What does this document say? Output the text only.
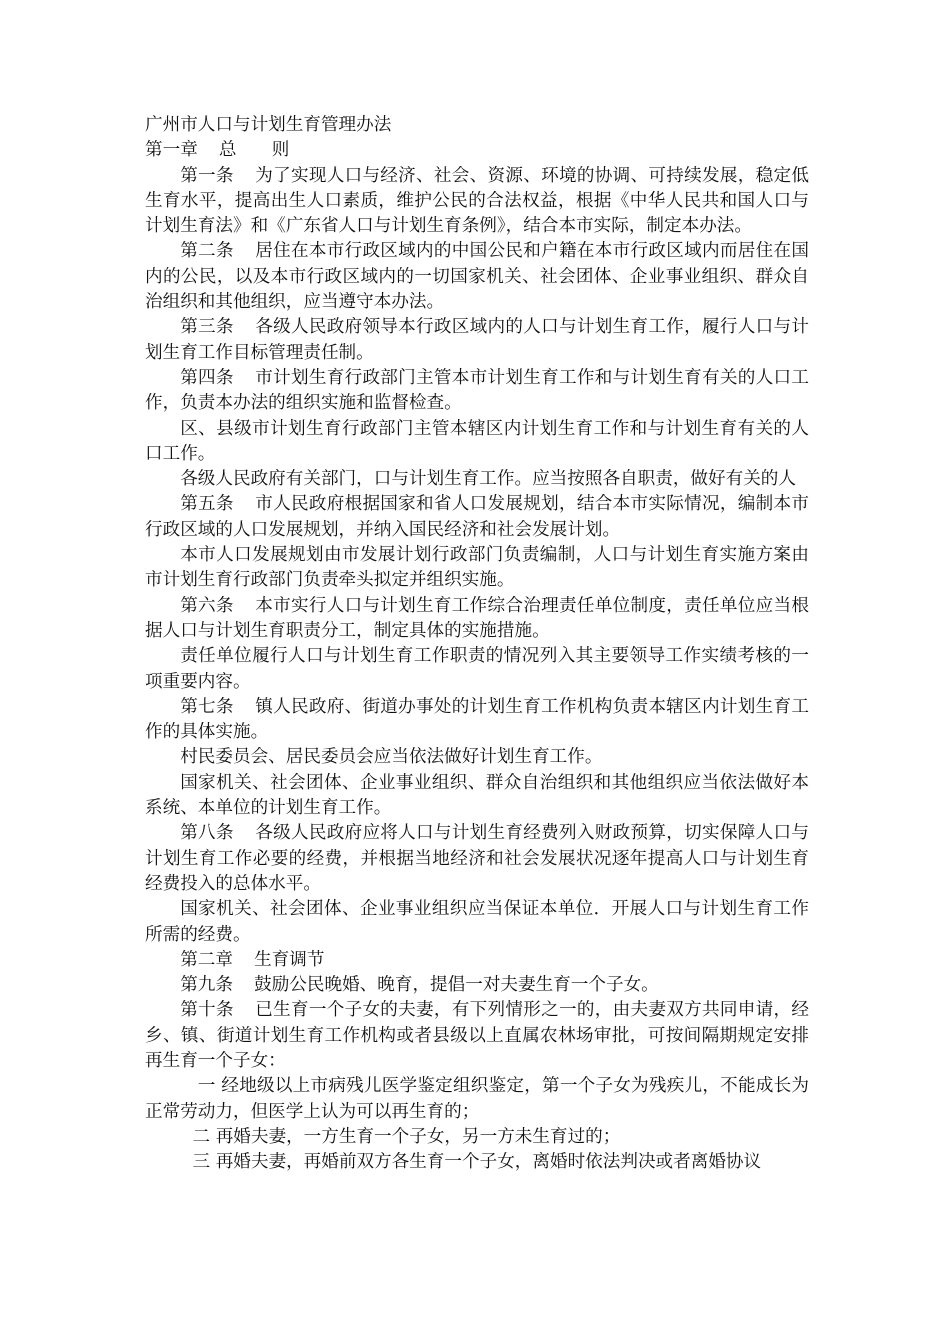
广州市人口与计划生育管理办法

第一章 总 则

第一条 为了实现人口与经济、社会、资源、环境的协调、可持续发展，稳定低生育水平，提高出生人口素质，维护公民的合法权益，根据《中华人民共和国人口与计划生育法》和《广东省人口与计划生育条例》，结合本市实际，制定本办法。

第二条 居住在本市行政区域内的中国公民和户籍在本市行政区域内而居住在国内的公民，以及本市行政区域内的一切国家机关、社会团体、企业事业组织、群众自治组织和其他组织，应当遵守本办法。

第三条 各级人民政府领导本行政区域内的人口与计划生育工作，履行人口与计划生育工作目标管理责任制。

第四条 市计划生育行政部门主管本市计划生育工作和与计划生育有关的人口工作，负责本办法的组织实施和监督检查。

区、县级市计划生育行政部门主管本辖区内计划生育工作和与计划生育有关的人口工作。

各级人民政府有关部门，口与计划生育工作。应当按照各自职责，做好有关的人

第五条 市人民政府根据国家和省人口发展规划，结合本市实际情况，编制本市行政区域的人口发展规划，并纳入国民经济和社会发展计划。

本市人口发展规划由市发展计划行政部门负责编制，人口与计划生育实施方案由市计划生育行政部门负责牵头拟定并组织实施。

第六条 本市实行人口与计划生育工作综合治理责任单位制度，责任单位应当根据人口与计划生育职责分工，制定具体的实施措施。

责任单位履行人口与计划生育工作职责的情况列入其主要领导工作实绩考核的一项重要内容。

第七条 镇人民政府、街道办事处的计划生育工作机构负责本辖区内计划生育工作的具体实施。

村民委员会、居民委员会应当依法做好计划生育工作。

国家机关、社会团体、企业事业组织、群众自治组织和其他组织应当依法做好本系统、本单位的计划生育工作。

第八条 各级人民政府应将人口与计划生育经费列入财政预算，切实保障人口与计划生育工作必要的经费，并根据当地经济和社会发展状况逐年提高人口与计划生育经费投入的总体水平。

国家机关、社会团体、企业事业组织应当保证本单位．开展人口与计划生育工作所需的经费。

第二章 生育调节

第九条 鼓励公民晚婚、晚育，提倡一对夫妻生育一个子女。

第十条 已生育一个子女的夫妻，有下列情形之一的，由夫妻双方共同申请，经乡、镇、街道计划生育工作机构或者县级以上直属农林场审批，可按间隔期规定安排再生育一个子女：

一 经地级以上市病残儿医学鉴定组织鉴定，第一个子女为残疾儿，不能成长为正常劳动力，但医学上认为可以再生育的；

二 再婚夫妻，一方生育一个子女，另一方未生育过的；

三 再婚夫妻，再婚前双方各生育一个子女，离婚时依法判决或者离婚协议
